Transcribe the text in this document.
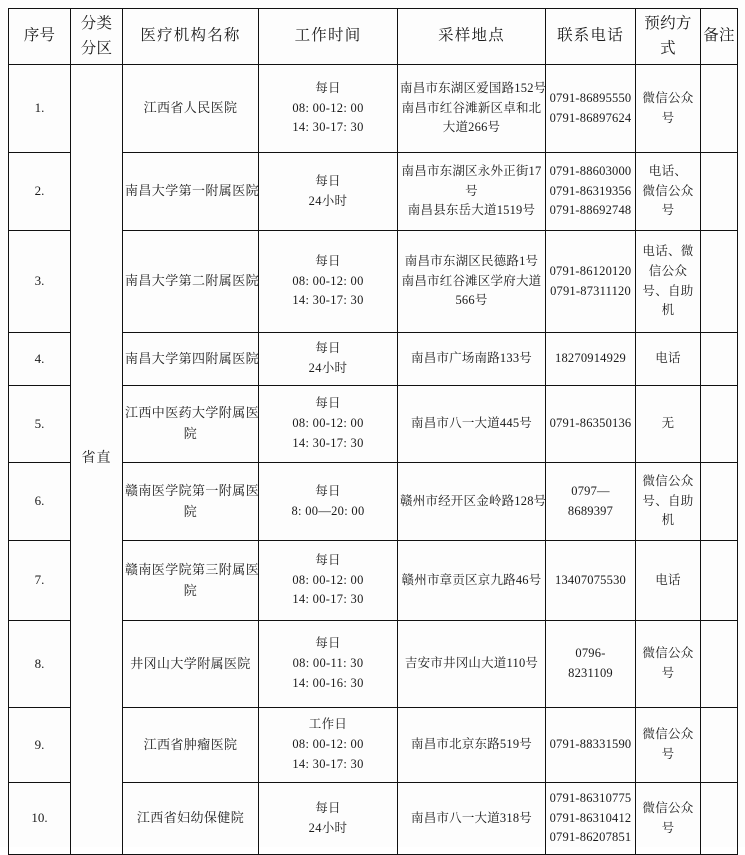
序号	分类分区	医疗机构名称	工作时间	采样地点	联系电话	预约方式	备注
1.	省直	江西省人民医院	每日
08: 00-12: 00
14: 30-17: 30	南昌市东湖区爱国路152号
南昌市红谷滩新区卓和北
大道266号	0791-86895550
0791-86897624	微信公众
号	

2.		南昌大学第一附属医院	每日
24小时	南昌市东湖区永外正街17
号
南昌县东岳大道1519号	0791-88603000
0791-86319356
0791-88692748	电话、
微信公众
号	

3.		南昌大学第二附属医院	每日
08: 00-12: 00
14: 30-17: 30	南昌市东湖区民德路1号
南昌市红谷滩区学府大道
566号	0791-86120120
0791-87311120	电话、微
信公众
号、自助
机	

4.		南昌大学第四附属医院	每日
24小时	南昌市广场南路133号	18270914929	电话	

5.		江西中医药大学附属医
院	每日
08: 00-12: 00
14: 30-17: 30	南昌市八一大道445号	0791-86350136	无	

6.		赣南医学院第一附属医
院	每日
8: 00—20: 00	赣州市经开区金岭路128号	0797—
8689397	微信公众
号、自助
机	

7.		赣南医学院第三附属医
院	每日
08: 00-12: 00
14: 00-17: 30	赣州市章贡区京九路46号	13407075530	电话	

8.		井冈山大学附属医院	每日
08: 00-11: 30
14: 00-16: 30	吉安市井冈山大道110号	0796-
8231109	微信公众
号	

9.		江西省肿瘤医院	工作日
08: 00-12: 00
14: 30-17: 30	南昌市北京东路519号	0791-88331590	微信公众
号	

10.		江西省妇幼保健院	每日
24小时	南昌市八一大道318号	0791-86310775
0791-86310412
0791-86207851	微信公众
号	
